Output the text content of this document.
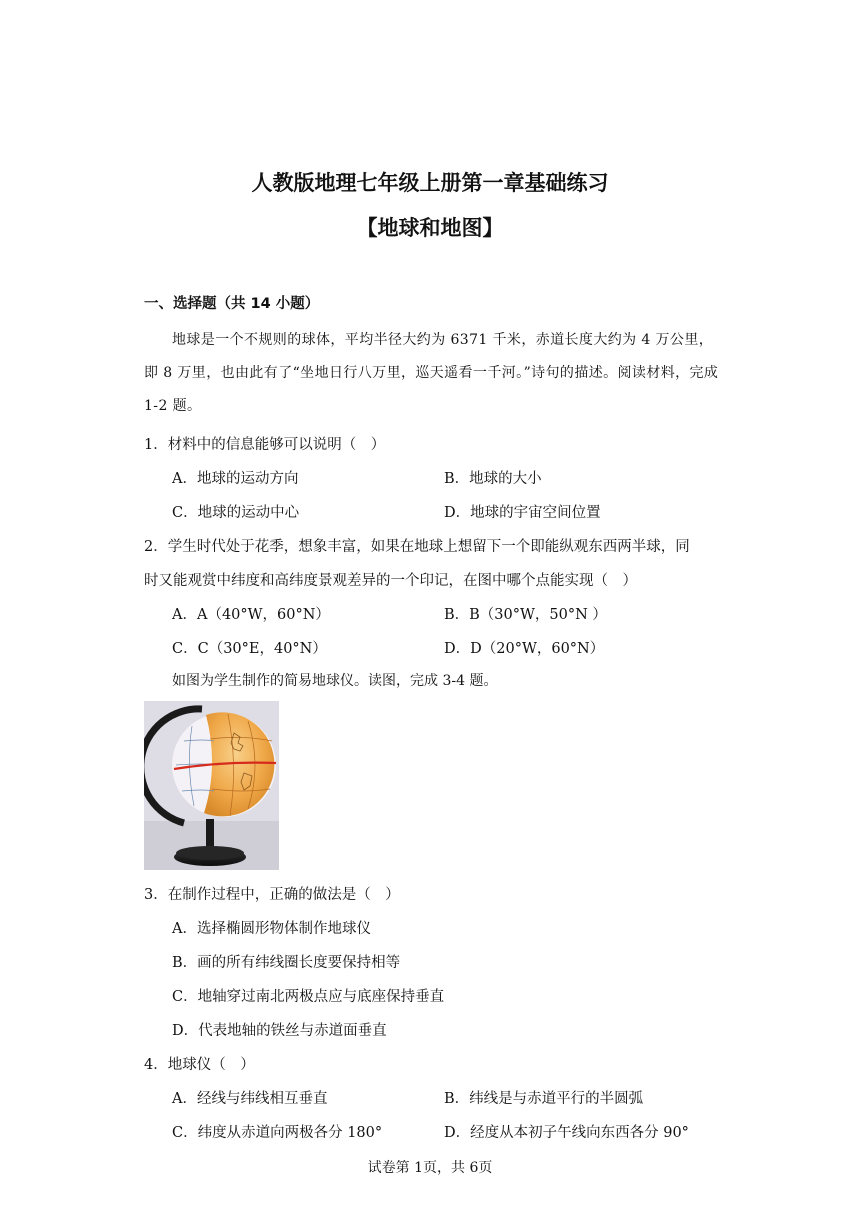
人教版地理七年级上册第一章基础练习
【地球和地图】
一、选择题（共 14 小题）
地球是一个不规则的球体，平均半径大约为 6371 千米，赤道长度大约为 4 万公里，即 8 万里，也由此有了“坐地日行八万里，巡天遥看一千河。”诗句的描述。阅读材料，完成 1-2 题。
1．材料中的信息能够可以说明（　）
A．地球的运动方向	B．地球的大小
C．地球的运动中心	D．地球的宇宙空间位置
2．学生时代处于花季，想象丰富，如果在地球上想留下一个即能纵观东西两半球，同
时又能观赏中纬度和高纬度景观差异的一个印记，在图中哪个点能实现（　）
A．A（40°W，60°N）	B．B（30°W，50°N ）
C．C（30°E，40°N）	D．D（20°W，60°N）
如图为学生制作的简易地球仪。读图，完成 3-4 题。
3．在制作过程中，正确的做法是（　）
A．选择椭圆形物体制作地球仪
B．画的所有纬线圈长度要保持相等
C．地轴穿过南北两极点应与底座保持垂直
D．代表地轴的铁丝与赤道面垂直
4．地球仪（　）
A．经线与纬线相互垂直	B．纬线是与赤道平行的半圆弧
C．纬度从赤道向两极各分 180°	D．经度从本初子午线向东西各分 90°
试卷第 1页，共 6页
